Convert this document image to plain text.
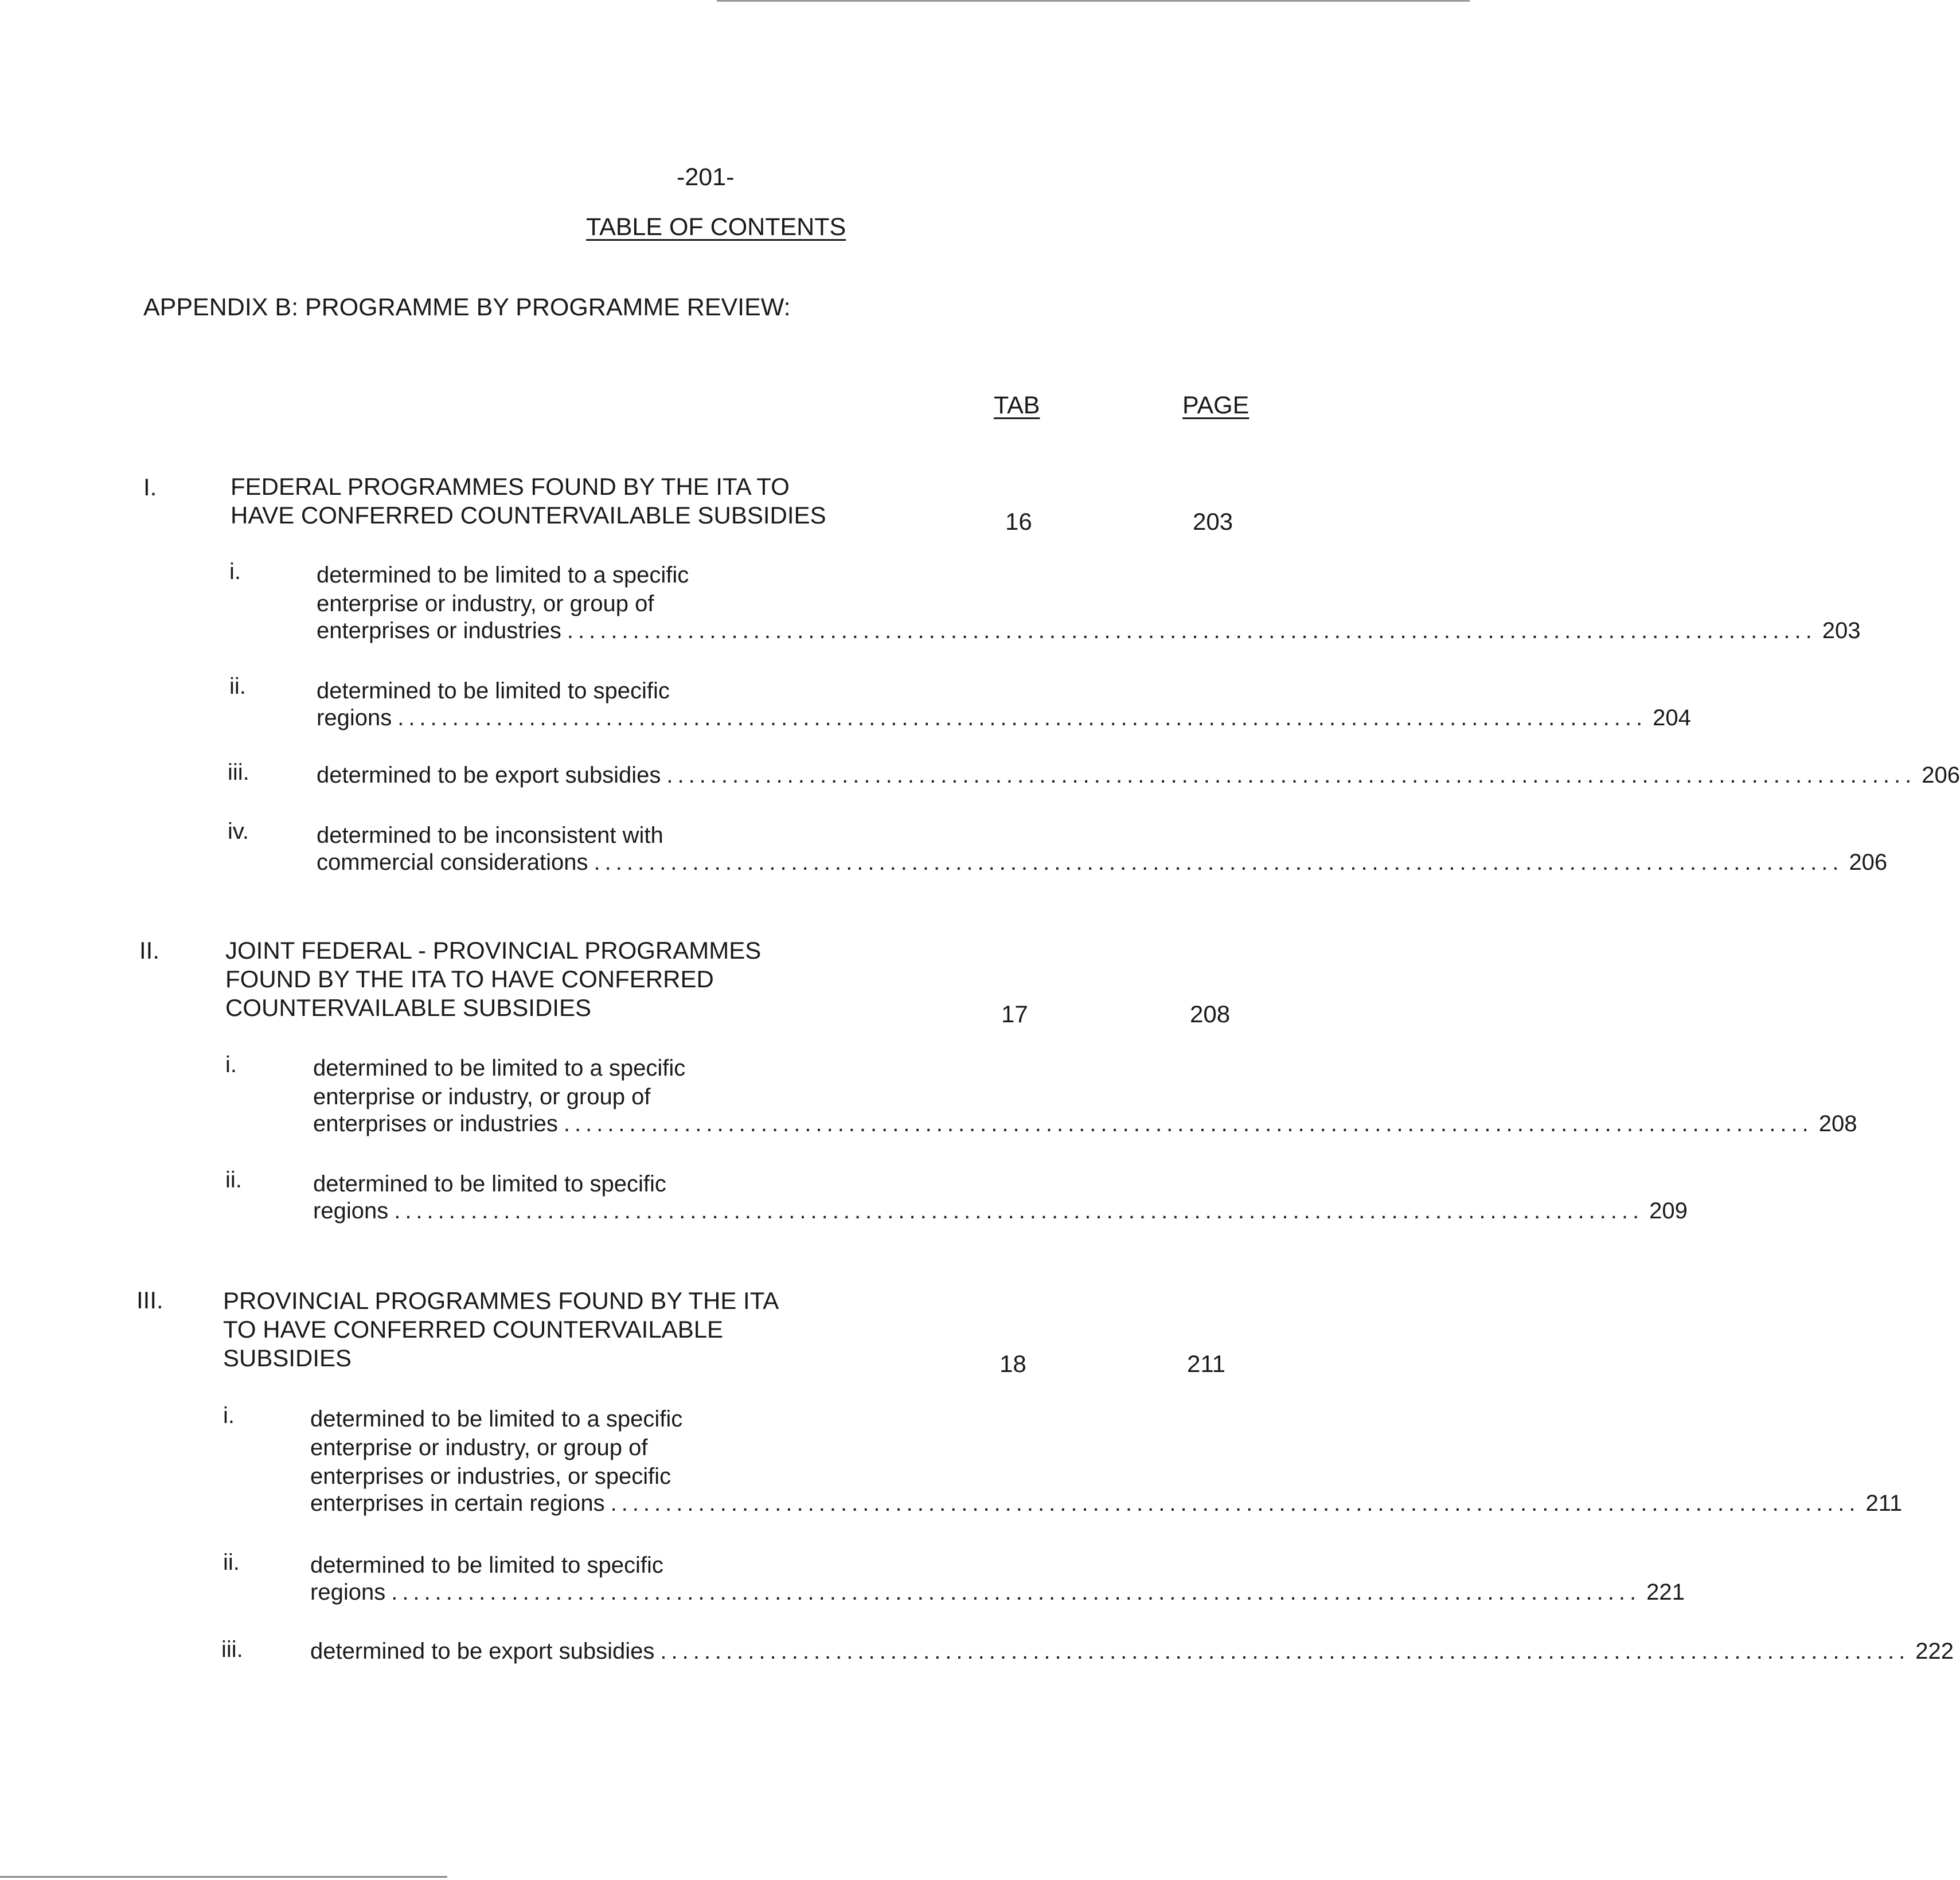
-201-
TABLE OF CONTENTS
APPENDIX B: PROGRAMME BY PROGRAMME REVIEW:
TAB	PAGE
I.	FEDERAL PROGRAMMES FOUND BY THE ITA TO HAVE CONFERRED COUNTERVAILABLE SUBSIDIES	16	203
i.	determined to be limited to a specific
enterprise or industry, or group of
enterprises or industries .................................................................................................................. 203
ii.	determined to be limited to specific
regions .................................................................................................................. 204
iii.	determined to be export subsidies .................................................................................................................. 206
iv.	determined to be inconsistent with
commercial considerations .................................................................................................................. 206
II.	JOINT FEDERAL - PROVINCIAL PROGRAMMES FOUND BY THE ITA TO HAVE CONFERRED COUNTERVAILABLE SUBSIDIES	17	208
i.	determined to be limited to a specific
enterprise or industry, or group of
enterprises or industries .................................................................................................................. 208
ii.	determined to be limited to specific
regions .................................................................................................................. 209
III. PROVINCIAL PROGRAMMES FOUND BY THE ITA TO HAVE CONFERRED COUNTERVAILABLE SUBSIDIES	18	211
i.	determined to be limited to a specific
enterprise or industry, or group of
enterprises or industries, or specific
enterprises in certain regions .................................................................................................................. 211
ii.	determined to be limited to specific
regions .................................................................................................................. 221
iii.	determined to be export subsidies .................................................................................................................. 222
